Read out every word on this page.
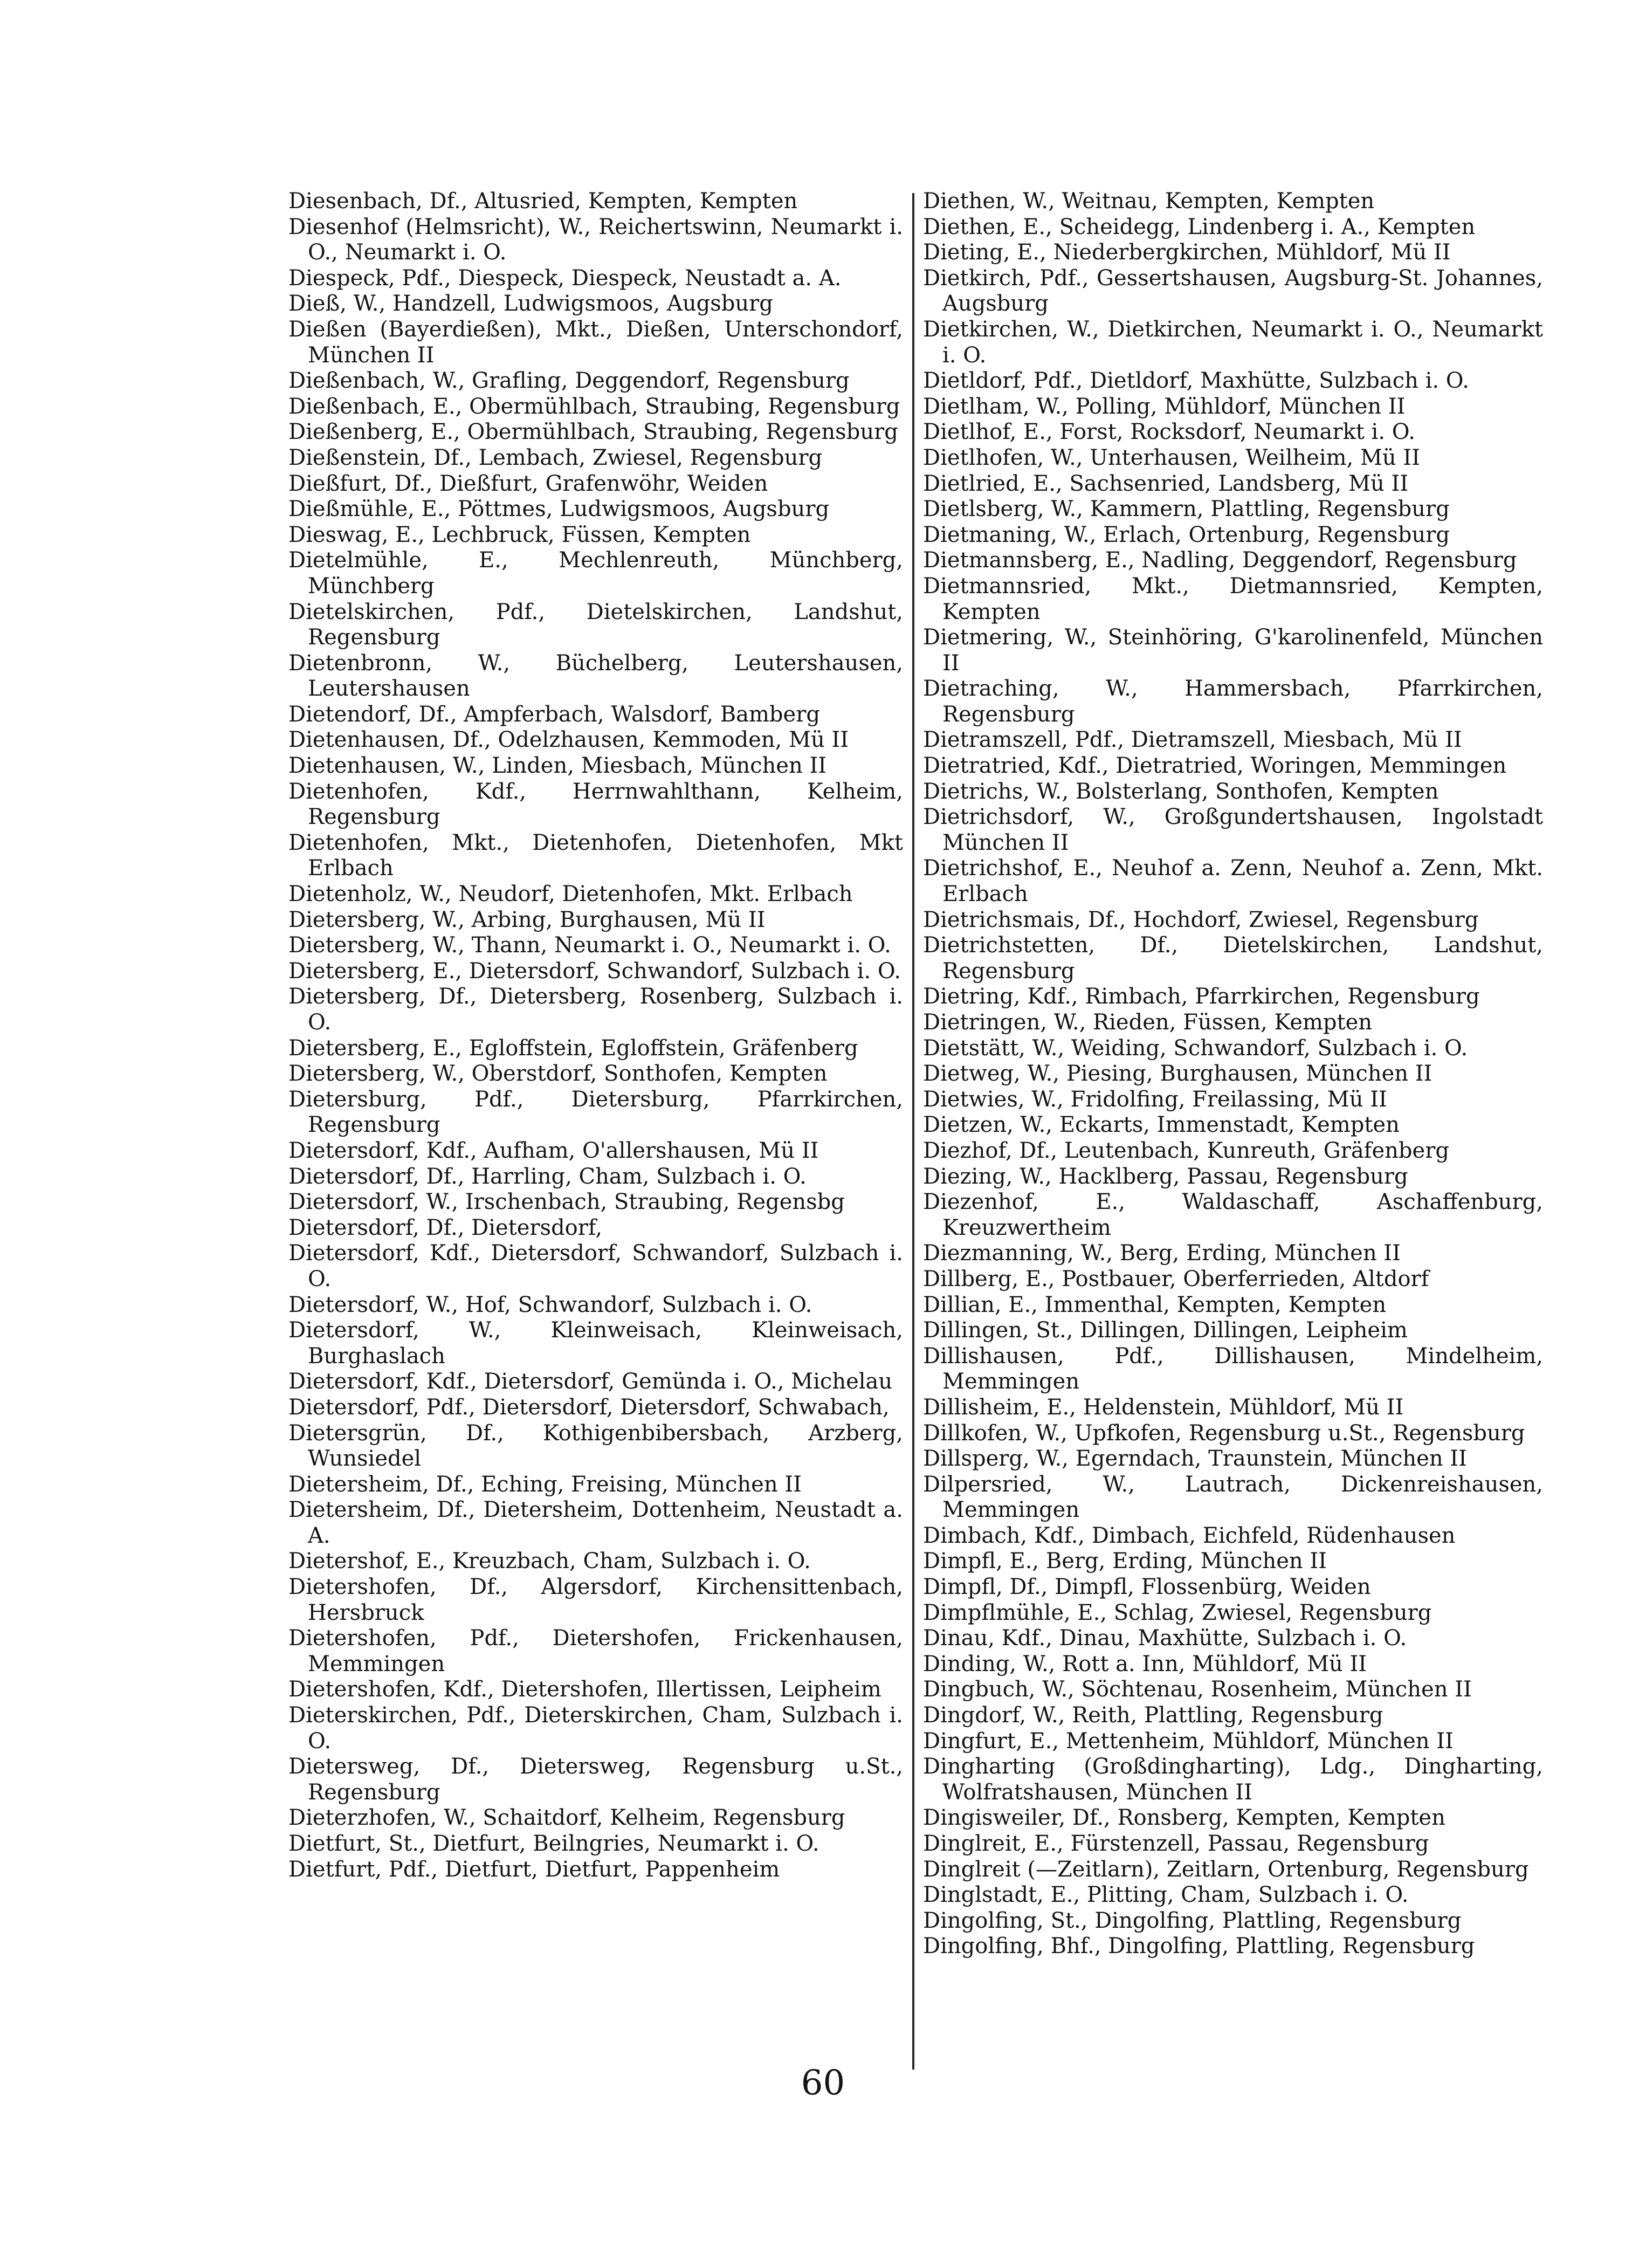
Diesenbach, Df., Altusried, Kempten, Kempten

Diesenhof (Helmsricht), W., Reichertswinn, Neumarkt i. O., Neumarkt i. O.

Diespeck, Pdf., Diespeck, Diespeck, Neustadt a. A.

Dieß, W., Handzell, Ludwigsmoos, Augsburg

Dießen (Bayerdießen), Mkt., Dießen, Unterschondorf, München II

Dießenbach, W., Grafling, Deggendorf, Regensburg

Dießenbach, E., Obermühlbach, Straubing, Regensburg

Dießenberg, E., Obermühlbach, Straubing, Regensburg

Dießenstein, Df., Lembach, Zwiesel, Regensburg

Dießfurt, Df., Dießfurt, Grafenwöhr, Weiden

Dießmühle, E., Pöttmes, Ludwigsmoos, Augsburg

Dieswag, E., Lechbruck, Füssen, Kempten

Dietelmühle, E., Mechlenreuth, Münchberg, Münchberg

Dietelskirchen, Pdf., Dietelskirchen, Landshut, Regensburg

Dietenbronn, W., Büchelberg, Leutershausen, Leutershausen

Dietendorf, Df., Ampferbach, Walsdorf, Bamberg

Dietenhausen, Df., Odelzhausen, Kemmoden, Mü II

Dietenhausen, W., Linden, Miesbach, München II

Dietenhofen, Kdf., Herrnwahlthann, Kelheim, Regensburg

Dietenhofen, Mkt., Dietenhofen, Dietenhofen, Mkt Erlbach

Dietenholz, W., Neudorf, Dietenhofen, Mkt. Erlbach

Dietersberg, W., Arbing, Burghausen, Mü II

Dietersberg, W., Thann, Neumarkt i. O., Neumarkt i. O.

Dietersberg, E., Dietersdorf, Schwandorf, Sulzbach i. O.

Dietersberg, Df., Dietersberg, Rosenberg, Sulzbach i. O.

Dietersberg, E., Egloffstein, Egloffstein, Gräfenberg

Dietersberg, W., Oberstdorf, Sonthofen, Kempten

Dietersburg, Pdf., Dietersburg, Pfarrkirchen, Regensburg

Dietersdorf, Kdf., Aufham, O'allershausen, Mü II

Dietersdorf, Df., Harrling, Cham, Sulzbach i. O.

Dietersdorf, W., Irschenbach, Straubing, Regensbg

Dietersdorf, Df., Dietersdorf,

Dietersdorf, Kdf., Dietersdorf, Schwandorf, Sulzbach i. O.

Dietersdorf, W., Hof, Schwandorf, Sulzbach i. O.

Dietersdorf, W., Kleinweisach, Kleinweisach, Burghaslach

Dietersdorf, Kdf., Dietersdorf, Gemünda i. O., Michelau

Dietersdorf, Pdf., Dietersdorf, Dietersdorf, Schwabach,

Dietersgrün, Df., Kothigenbibersbach, Arzberg, Wunsiedel

Dietersheim, Df., Eching, Freising, München II

Dietersheim, Df., Dietersheim, Dottenheim, Neustadt a. A.

Dietershof, E., Kreuzbach, Cham, Sulzbach i. O.

Dietershofen, Df., Algersdorf, Kirchensittenbach, Hersbruck

Dietershofen, Pdf., Dietershofen, Frickenhausen, Memmingen

Dietershofen, Kdf., Dietershofen, Illertissen, Leipheim

Dieterskirchen, Pdf., Dieterskirchen, Cham, Sulzbach i. O.

Dietersweg, Df., Dietersweg, Regensburg u.St., Regensburg

Dieterzhofen, W., Schaitdorf, Kelheim, Regensburg

Dietfurt, St., Dietfurt, Beilngries, Neumarkt i. O.

Dietfurt, Pdf., Dietfurt, Dietfurt, Pappenheim

Diethen, W., Weitnau, Kempten, Kempten

Diethen, E., Scheidegg, Lindenberg i. A., Kempten

Dieting, E., Niederbergkirchen, Mühldorf, Mü II

Dietkirch, Pdf., Gessertshausen, Augsburg-St. Johannes, Augsburg

Dietkirchen, W., Dietkirchen, Neumarkt i. O., Neumarkt i. O.

Dietldorf, Pdf., Dietldorf, Maxhütte, Sulzbach i. O.

Dietlham, W., Polling, Mühldorf, München II

Dietlhof, E., Forst, Rocksdorf, Neumarkt i. O.

Dietlhofen, W., Unterhausen, Weilheim, Mü II

Dietlried, E., Sachsenried, Landsberg, Mü II

Dietlsberg, W., Kammern, Plattling, Regensburg

Dietmaning, W., Erlach, Ortenburg, Regensburg

Dietmannsberg, E., Nadling, Deggendorf, Regensburg

Dietmannsried, Mkt., Dietmannsried, Kempten, Kempten

Dietmering, W., Steinhöring, G'karolinenfeld, München II

Dietraching, W., Hammersbach, Pfarrkirchen, Regensburg

Dietramszell, Pdf., Dietramszell, Miesbach, Mü II

Dietratried, Kdf., Dietratried, Woringen, Memmingen

Dietrichs, W., Bolsterlang, Sonthofen, Kempten

Dietrichsdorf, W., Großgundertshausen, Ingolstadt München II

Dietrichshof, E., Neuhof a. Zenn, Neuhof a. Zenn, Mkt. Erlbach

Dietrichsmais, Df., Hochdorf, Zwiesel, Regensburg

Dietrichstetten, Df., Dietelskirchen, Landshut, Regensburg

Dietring, Kdf., Rimbach, Pfarrkirchen, Regensburg

Dietringen, W., Rieden, Füssen, Kempten

Dietstätt, W., Weiding, Schwandorf, Sulzbach i. O.

Dietweg, W., Piesing, Burghausen, München II

Dietwies, W., Fridolfing, Freilassing, Mü II

Dietzen, W., Eckarts, Immenstadt, Kempten

Diezhof, Df., Leutenbach, Kunreuth, Gräfenberg

Diezing, W., Hacklberg, Passau, Regensburg

Diezenhof, E., Waldaschaff, Aschaffenburg, Kreuzwertheim

Diezmanning, W., Berg, Erding, München II

Dillberg, E., Postbauer, Oberferrieden, Altdorf

Dillian, E., Immenthal, Kempten, Kempten

Dillingen, St., Dillingen, Dillingen, Leipheim

Dillishausen, Pdf., Dillishausen, Mindelheim, Memmingen

Dillisheim, E., Heldenstein, Mühldorf, Mü II

Dillkofen, W., Upfkofen, Regensburg u.St., Regensburg

Dillsperg, W., Egerndach, Traunstein, München II

Dilpersried, W., Lautrach, Dickenreishausen, Memmingen

Dimbach, Kdf., Dimbach, Eichfeld, Rüdenhausen

Dimpfl, E., Berg, Erding, München II

Dimpfl, Df., Dimpfl, Flossenbürg, Weiden

Dimpflmühle, E., Schlag, Zwiesel, Regensburg

Dinau, Kdf., Dinau, Maxhütte, Sulzbach i. O.

Dinding, W., Rott a. Inn, Mühldorf, Mü II

Dingbuch, W., Söchtenau, Rosenheim, München II

Dingdorf, W., Reith, Plattling, Regensburg

Dingfurt, E., Mettenheim, Mühldorf, München II

Dingharting (Großdingharting), Ldg., Dingharting, Wolfratshausen, München II

Dingisweiler, Df., Ronsberg, Kempten, Kempten

Dinglreit, E., Fürstenzell, Passau, Regensburg

Dinglreit (—Zeitlarn), Zeitlarn, Ortenburg, Regensburg

Dinglstadt, E., Plitting, Cham, Sulzbach i. O.

Dingolfing, St., Dingolfing, Plattling, Regensburg

Dingolfing, Bhf., Dingolfing, Plattling, Regensburg

60
